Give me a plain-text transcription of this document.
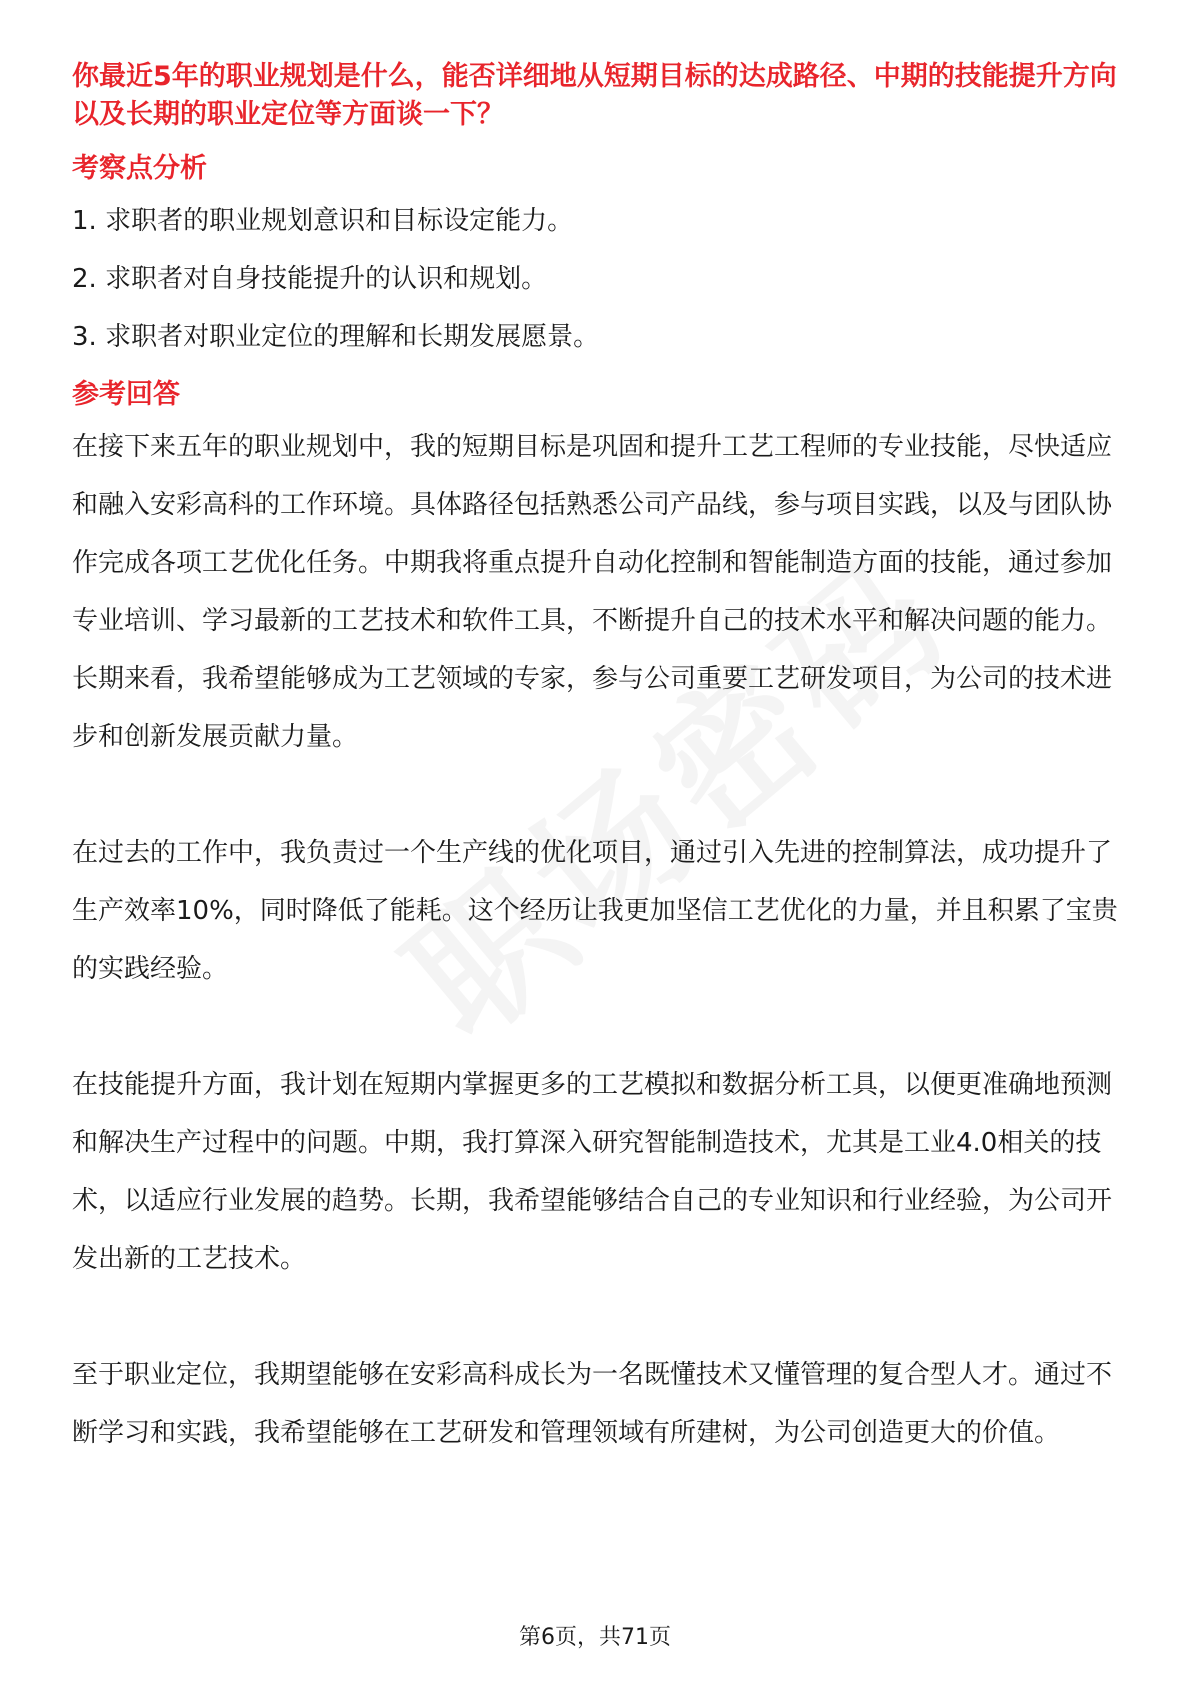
你最近5年的职业规划是什么，能否详细地从短期目标的达成路径、中期的技能提升方向以及长期的职业定位等方面谈一下？

考察点分析
1. 求职者的职业规划意识和目标设定能力。
2. 求职者对自身技能提升的认识和规划。
3. 求职者对职业定位的理解和长期发展愿景。
参考回答

在接下来五年的职业规划中，我的短期目标是巩固和提升工艺工程师的专业技能，尽快适应和融入安彩高科的工作环境。具体路径包括熟悉公司产品线，参与项目实践，以及与团队协作完成各项工艺优化任务。中期我将重点提升自动化控制和智能制造方面的技能，通过参加专业培训、学习最新的工艺技术和软件工具，不断提升自己的技术水平和解决问题的能力。长期来看，我希望能够成为工艺领域的专家，参与公司重要工艺研发项目，为公司的技术进步和创新发展贡献力量。

在过去的工作中，我负责过一个生产线的优化项目，通过引入先进的控制算法，成功提升了生产效率10%，同时降低了能耗。这个经历让我更加坚信工艺优化的力量，并且积累了宝贵的实践经验。

在技能提升方面，我计划在短期内掌握更多的工艺模拟和数据分析工具，以便更准确地预测和解决生产过程中的问题。中期，我打算深入研究智能制造技术，尤其是工业4.0相关的技术，以适应行业发展的趋势。长期，我希望能够结合自己的专业知识和行业经验，为公司开发出新的工艺技术。

至于职业定位，我期望能够在安彩高科成长为一名既懂技术又懂管理的复合型人才。通过不断学习和实践，我希望能够在工艺研发和管理领域有所建树，为公司创造更大的价值。

第6页，共71页
